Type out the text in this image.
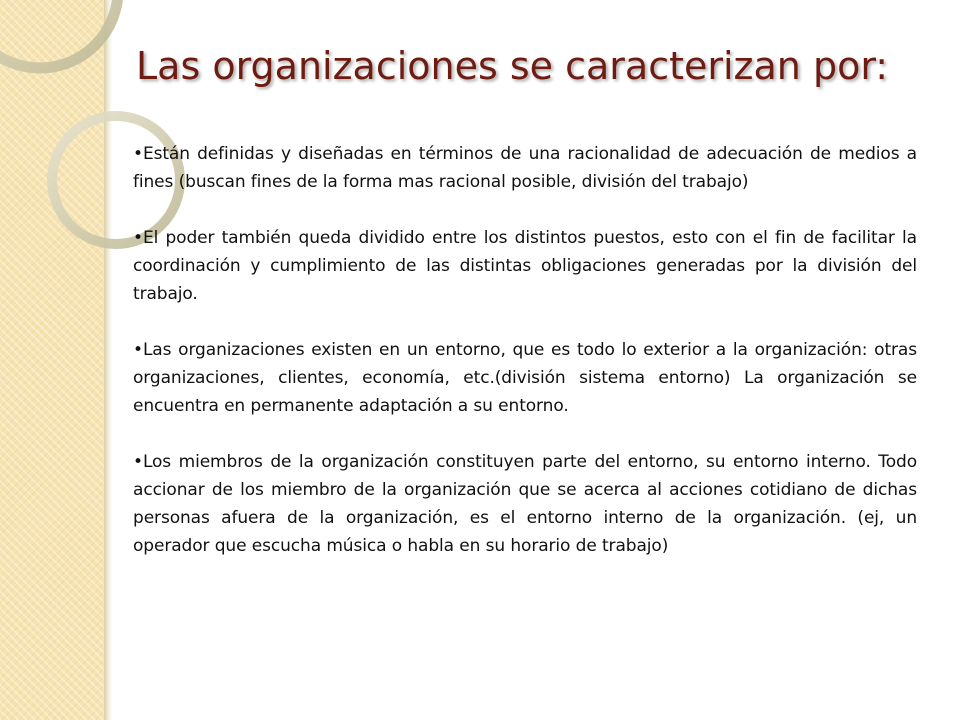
Las organizaciones se caracterizan por:

•Están definidas y diseñadas en términos de una racionalidad de adecuación de medios a fines (buscan fines de la forma mas racional posible, división del trabajo)

•El poder también queda dividido entre los distintos puestos, esto con el fin de facilitar la coordinación y cumplimiento de las distintas obligaciones generadas por la división del trabajo.

•Las organizaciones existen en un entorno, que es todo lo exterior a la organización: otras organizaciones, clientes, economía, etc.(división sistema entorno) La organización se encuentra en permanente adaptación a su entorno.

•Los miembros de la organización constituyen parte del entorno, su entorno interno. Todo accionar de los miembro de la organización que se acerca al acciones cotidiano de dichas personas afuera de la organización, es el entorno interno de la organización. (ej, un operador que escucha música o habla en su horario de trabajo)
